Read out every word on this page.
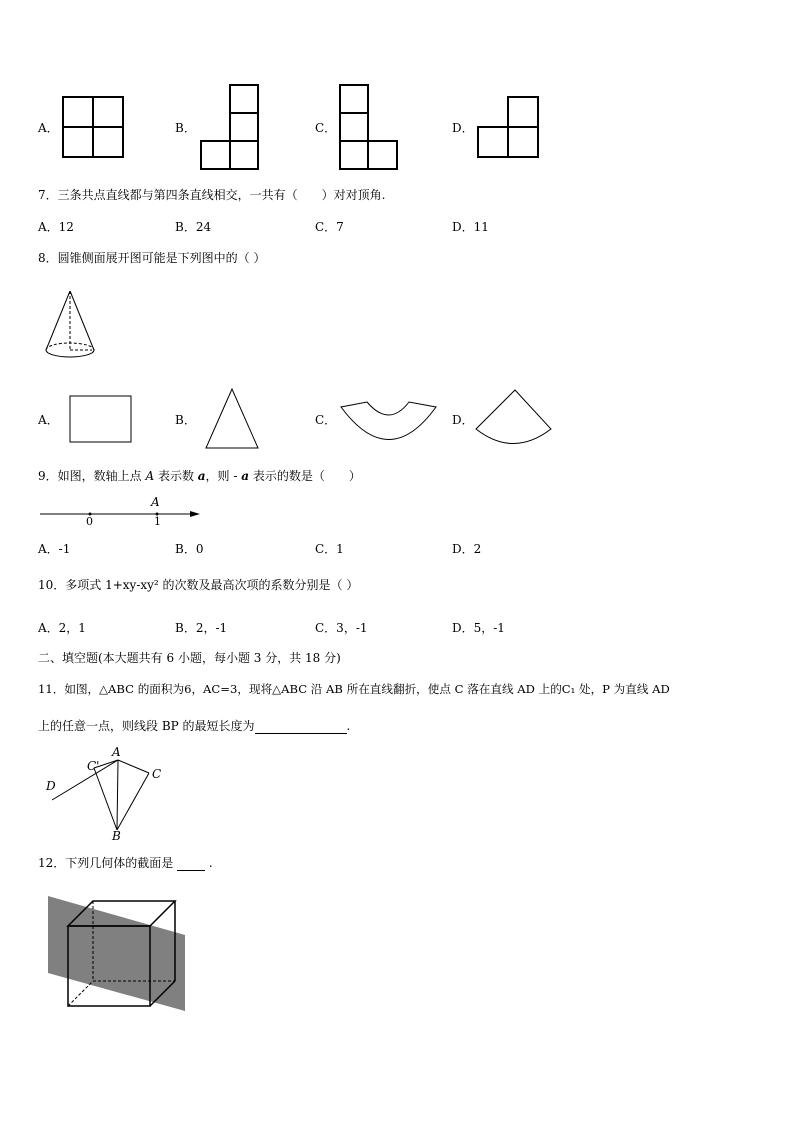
A．	B．	C．	D．
7．三条共点直线都与第四条直线相交，一共有（　　）对对顶角.
A．12	B．24	C．7	D．11
8．圆锥侧面展开图可能是下列图中的（ ）
A．	B．	C．	D．
9．如图，数轴上点 A 表示数 a，则 - a 表示的数是（　　）
A
0	1
A．-1	B．0	C．1	D．2
10．多项式 1+xy-xy² 的次数及最高次项的系数分别是（ ）
A．2，1	B．2，-1	C．3，-1	D．5，-1
二、填空题(本大题共有 6 小题，每小题 3 分，共 18 分)
11．如图，△ABC 的面积为6，AC=3，现将△ABC 沿 AB 所在直线翻折，使点 C 落在直线 AD 上的C₁ 处，P 为直线 AD
上的任意一点，则线段 BP 的最短长度为	.
A
C'
C
D
B
12．下列几何体的截面是  .
